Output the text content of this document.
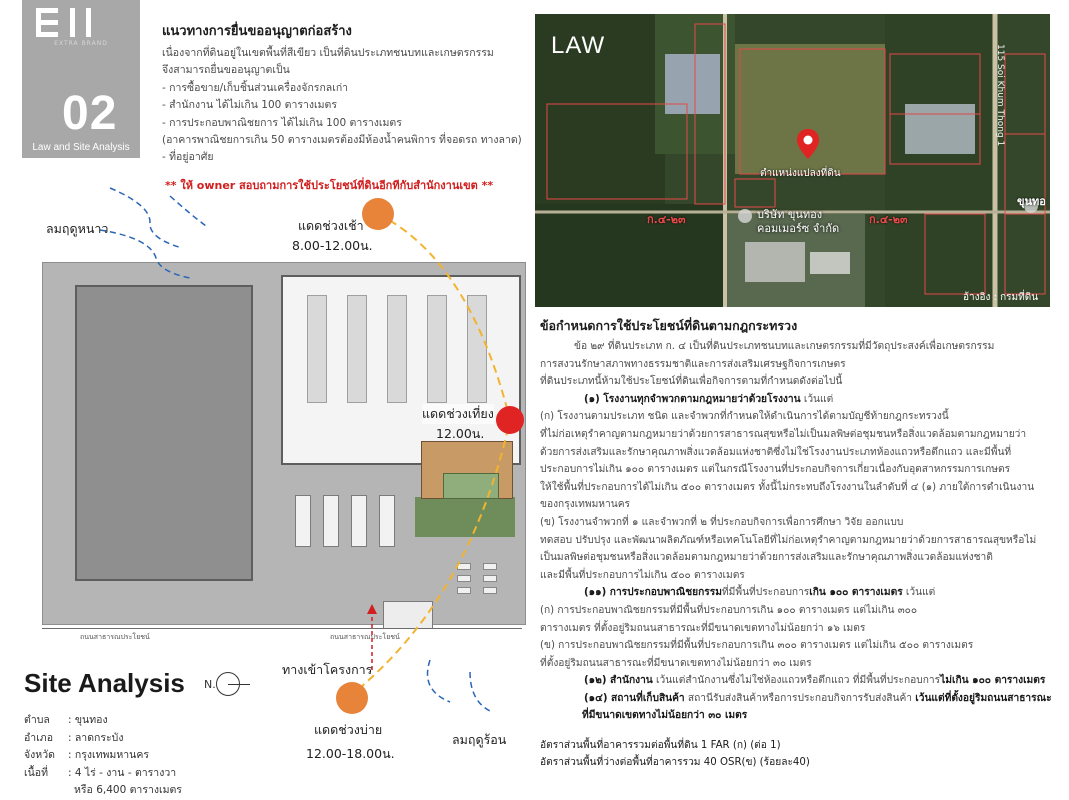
EXTRA BRAND
02
Law and Site Analysis
แนวทางการยื่นขออนุญาตก่อสร้าง
เนื่องจากที่ดินอยู่ในเขตพื้นที่สีเขียว เป็นที่ดินประเภทชนบทและเกษตรกรรม
จึงสามารถยื่นขออนุญาตเป็น
- การซื้อขาย/เก็บชิ้นส่วนเครื่องจักรกลเก่า
- สำนักงาน ได้ไม่เกิน 100 ตารางเมตร
- การประกอบพาณิชยการ ได้ไม่เกิน 100 ตารางเมตร
(อาคารพาณิชยการเกิน 50 ตารางเมตรต้องมีห้องน้ำคนพิการ ที่จอดรถ ทางลาด)
- ที่อยู่อาศัย
** ให้ owner สอบถามการใช้ประโยชน์ที่ดินอีกทีกับสำนักงานเขต **
ถนนสาธารณประโยชน์	ถนนสาธารณประโยชน์
แดดช่วงเช้า
8.00-12.00น.
แดดช่วงเที่ยง
12.00น.
แดดช่วงบ่าย
12.00-18.00น.
ลมฤดูหนาว
ลมฤดูร้อน
ทางเข้าโครงการ
Site Analysis N.
ตำบล	: ขุนทอง
อำเภอ	: ลาดกระบัง
จังหวัด	: กรุงเทพมหานคร
เนื้อที่	: 4 ไร่ - งาน - ตารางวา
หรือ 6,400 ตารางเมตร
LAW	115 Soi Khum Thong 1
ตำแหน่งแปลงที่ดิน
บริษัท ขุนทอง
คอมเมอร์ซ จำกัด
ก.๔-๒๓	ก.๔-๒๓
ขุนทอ
อ้างอิง : กรมที่ดิน
ข้อกำหนดการใช้ประโยชน์ที่ดินตามกฎกระทรวง
ข้อ ๒๙ ที่ดินประเภท ก. ๔ เป็นที่ดินประเภทชนบทและเกษตรกรรมที่มีวัตถุประสงค์เพื่อเกษตรกรรม
การสงวนรักษาสภาพทางธรรมชาติและการส่งเสริมเศรษฐกิจการเกษตร
ที่ดินประเภทนี้ห้ามใช้ประโยชน์ที่ดินเพื่อกิจการตามที่กำหนดดังต่อไปนี้
(๑) โรงงานทุกจำพวกตามกฎหมายว่าด้วยโรงงาน เว้นแต่
(ก) โรงงานตามประเภท ชนิด และจำพวกที่กำหนดให้ดำเนินการได้ตามบัญชีท้ายกฎกระทรวงนี้
ที่ไม่ก่อเหตุรำคาญตามกฎหมายว่าด้วยการสาธารณสุขหรือไม่เป็นมลพิษต่อชุมชนหรือสิ่งแวดล้อมตามกฎหมายว่า
ด้วยการส่งเสริมและรักษาคุณภาพสิ่งแวดล้อมแห่งชาติซึ่งไม่ใช่โรงงานประเภทห้องแถวหรือตึกแถว และมีพื้นที่
ประกอบการไม่เกิน ๑๐๐ ตารางเมตร แต่ในกรณีโรงงานที่ประกอบกิจการเกี่ยวเนื่องกับอุตสาหกรรมการเกษตร
ให้ใช้พื้นที่ประกอบการได้ไม่เกิน ๕๐๐ ตารางเมตร ทั้งนี้ไม่กระทบถึงโรงงานในลำดับที่ ๔ (๑) ภายใต้การดำเนินงาน
ของกรุงเทพมหานคร
(ข) โรงงานจำพวกที่ ๑ และจำพวกที่ ๒ ที่ประกอบกิจการเพื่อการศึกษา วิจัย ออกแบบ
ทดสอบ ปรับปรุง และพัฒนาผลิตภัณฑ์หรือเทคโนโลยีที่ไม่ก่อเหตุรำคาญตามกฎหมายว่าด้วยการสาธารณสุขหรือไม่
เป็นมลพิษต่อชุมชนหรือสิ่งแวดล้อมตามกฎหมายว่าด้วยการส่งเสริมและรักษาคุณภาพสิ่งแวดล้อมแห่งชาติ
และมีพื้นที่ประกอบการไม่เกิน ๕๐๐ ตารางเมตร
(๑๑) การประกอบพาณิชยกรรมที่มีพื้นที่ประกอบการเกิน ๑๐๐ ตารางเมตร เว้นแต่
(ก) การประกอบพาณิชยกรรมที่มีพื้นที่ประกอบการเกิน ๑๐๐ ตารางเมตร แต่ไม่เกิน ๓๐๐
ตารางเมตร ที่ตั้งอยู่ริมถนนสาธารณะที่มีขนาดเขตทางไม่น้อยกว่า ๑๖ เมตร
(ข) การประกอบพาณิชยกรรมที่มีพื้นที่ประกอบการเกิน ๓๐๐ ตารางเมตร แต่ไม่เกิน ๕๐๐ ตารางเมตร
ที่ตั้งอยู่ริมถนนสาธารณะที่มีขนาดเขตทางไม่น้อยกว่า ๓๐ เมตร
(๑๒) สำนักงาน เว้นแต่สำนักงานซึ่งไม่ใช่ห้องแถวหรือตึกแถว ที่มีพื้นที่ประกอบการไม่เกิน ๑๐๐ ตารางเมตร
(๑๔) สถานที่เก็บสินค้า สถานีรับส่งสินค้าหรือการประกอบกิจการรับส่งสินค้า เว้นแต่ที่ตั้งอยู่ริมถนนสาธารณะ
ที่มีขนาดเขตทางไม่น้อยกว่า ๓๐ เมตร
อัตราส่วนพื้นที่อาคารรวมต่อพื้นที่ดิน 1 FAR (ก) (ต่อ 1)
อัตราส่วนพื้นที่ว่างต่อพื้นที่อาคารรวม 40 OSR(ข) (ร้อยละ40)
